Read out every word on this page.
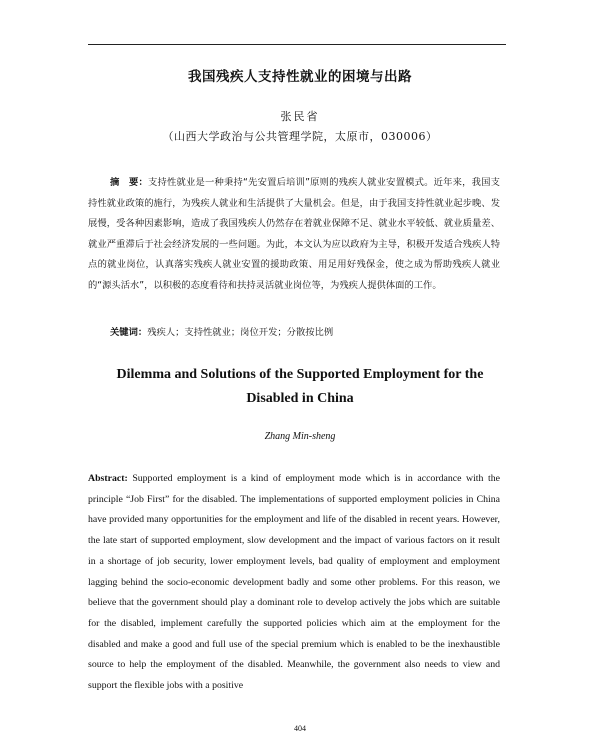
我国残疾人支持性就业的困境与出路
张民省
（山西大学政治与公共管理学院，太原市，030006）
摘　要：支持性就业是一种秉持“先安置后培训”原则的残疾人就业安置模式。近年来，我国支持性就业政策的施行，为残疾人就业和生活提供了大量机会。但是，由于我国支持性就业起步晚、发展慢，受各种因素影响，造成了我国残疾人仍然存在着就业保障不足、就业水平较低、就业质量差、就业严重滞后于社会经济发展的一些问题。为此，本文认为应以政府为主导，积极开发适合残疾人特点的就业岗位，认真落实残疾人就业安置的援助政策、用足用好残保金，使之成为帮助残疾人就业的“源头活水”，以积极的态度看待和扶持灵活就业岗位等，为残疾人提供体面的工作。
关键词：残疾人；支持性就业；岗位开发；分散按比例
Dilemma and Solutions of the Supported Employment for the Disabled in China
Zhang Min-sheng
Abstract: Supported employment is a kind of employment mode which is in accordance with the principle “Job First” for the disabled. The implementations of supported employment policies in China have provided many opportunities for the employment and life of the disabled in recent years. However, the late start of supported employment, slow development and the impact of various factors on it result in a shortage of job security, lower employment levels, bad quality of employment and employment lagging behind the socio-economic development badly and some other problems. For this reason, we believe that the government should play a dominant role to develop actively the jobs which are suitable for the disabled, implement carefully the supported policies which aim at the employment for the disabled and make a good and full use of the special premium which is enabled to be the inexhaustible source to help the employment of the disabled. Meanwhile, the government also needs to view and support the flexible jobs with a positive
404
